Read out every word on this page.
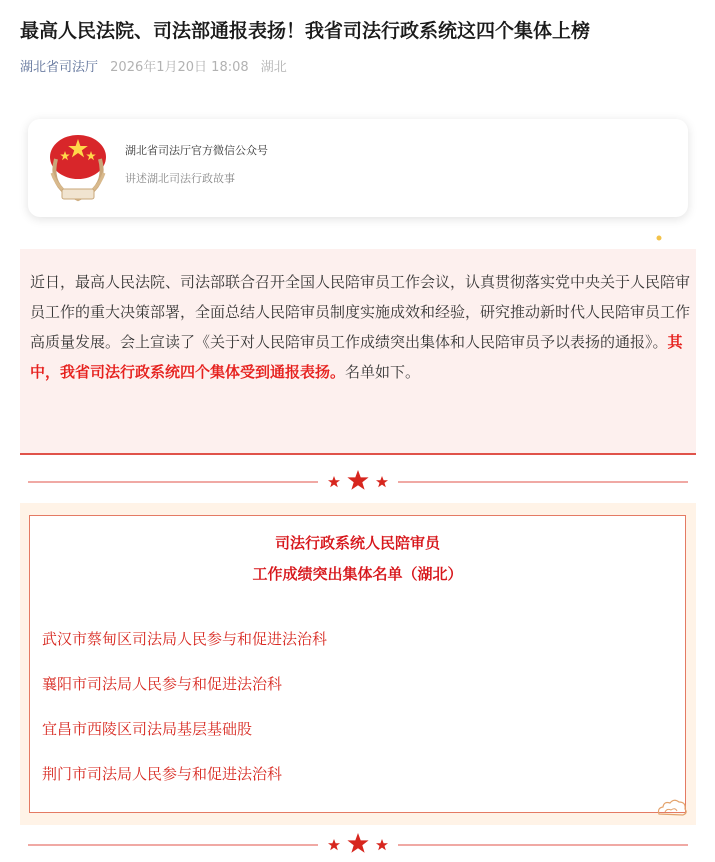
最高人民法院、司法部通报表扬！我省司法行政系统这四个集体上榜
湖北省司法厅 2026年1月20日 18:08 湖北
湖北省司法厅官方微信公众号
讲述湖北司法行政故事

近日，最高人民法院、司法部联合召开全国人民陪审员工作会议，认真贯彻落实党中央关于人民陪审员工作的重大决策部署，全面总结人民陪审员制度实施成效和经验，研究推动新时代人民陪审员工作高质量发展。会上宣读了《关于对人民陪审员工作成绩突出集体和人民陪审员予以表扬的通报》。其中，我省司法行政系统四个集体受到通报表扬。名单如下。

司法行政系统人民陪审员
工作成绩突出集体名单（湖北）
武汉市蔡甸区司法局人民参与和促进法治科
襄阳市司法局人民参与和促进法治科
宜昌市西陵区司法局基层基础股
荆门市司法局人民参与和促进法治科
